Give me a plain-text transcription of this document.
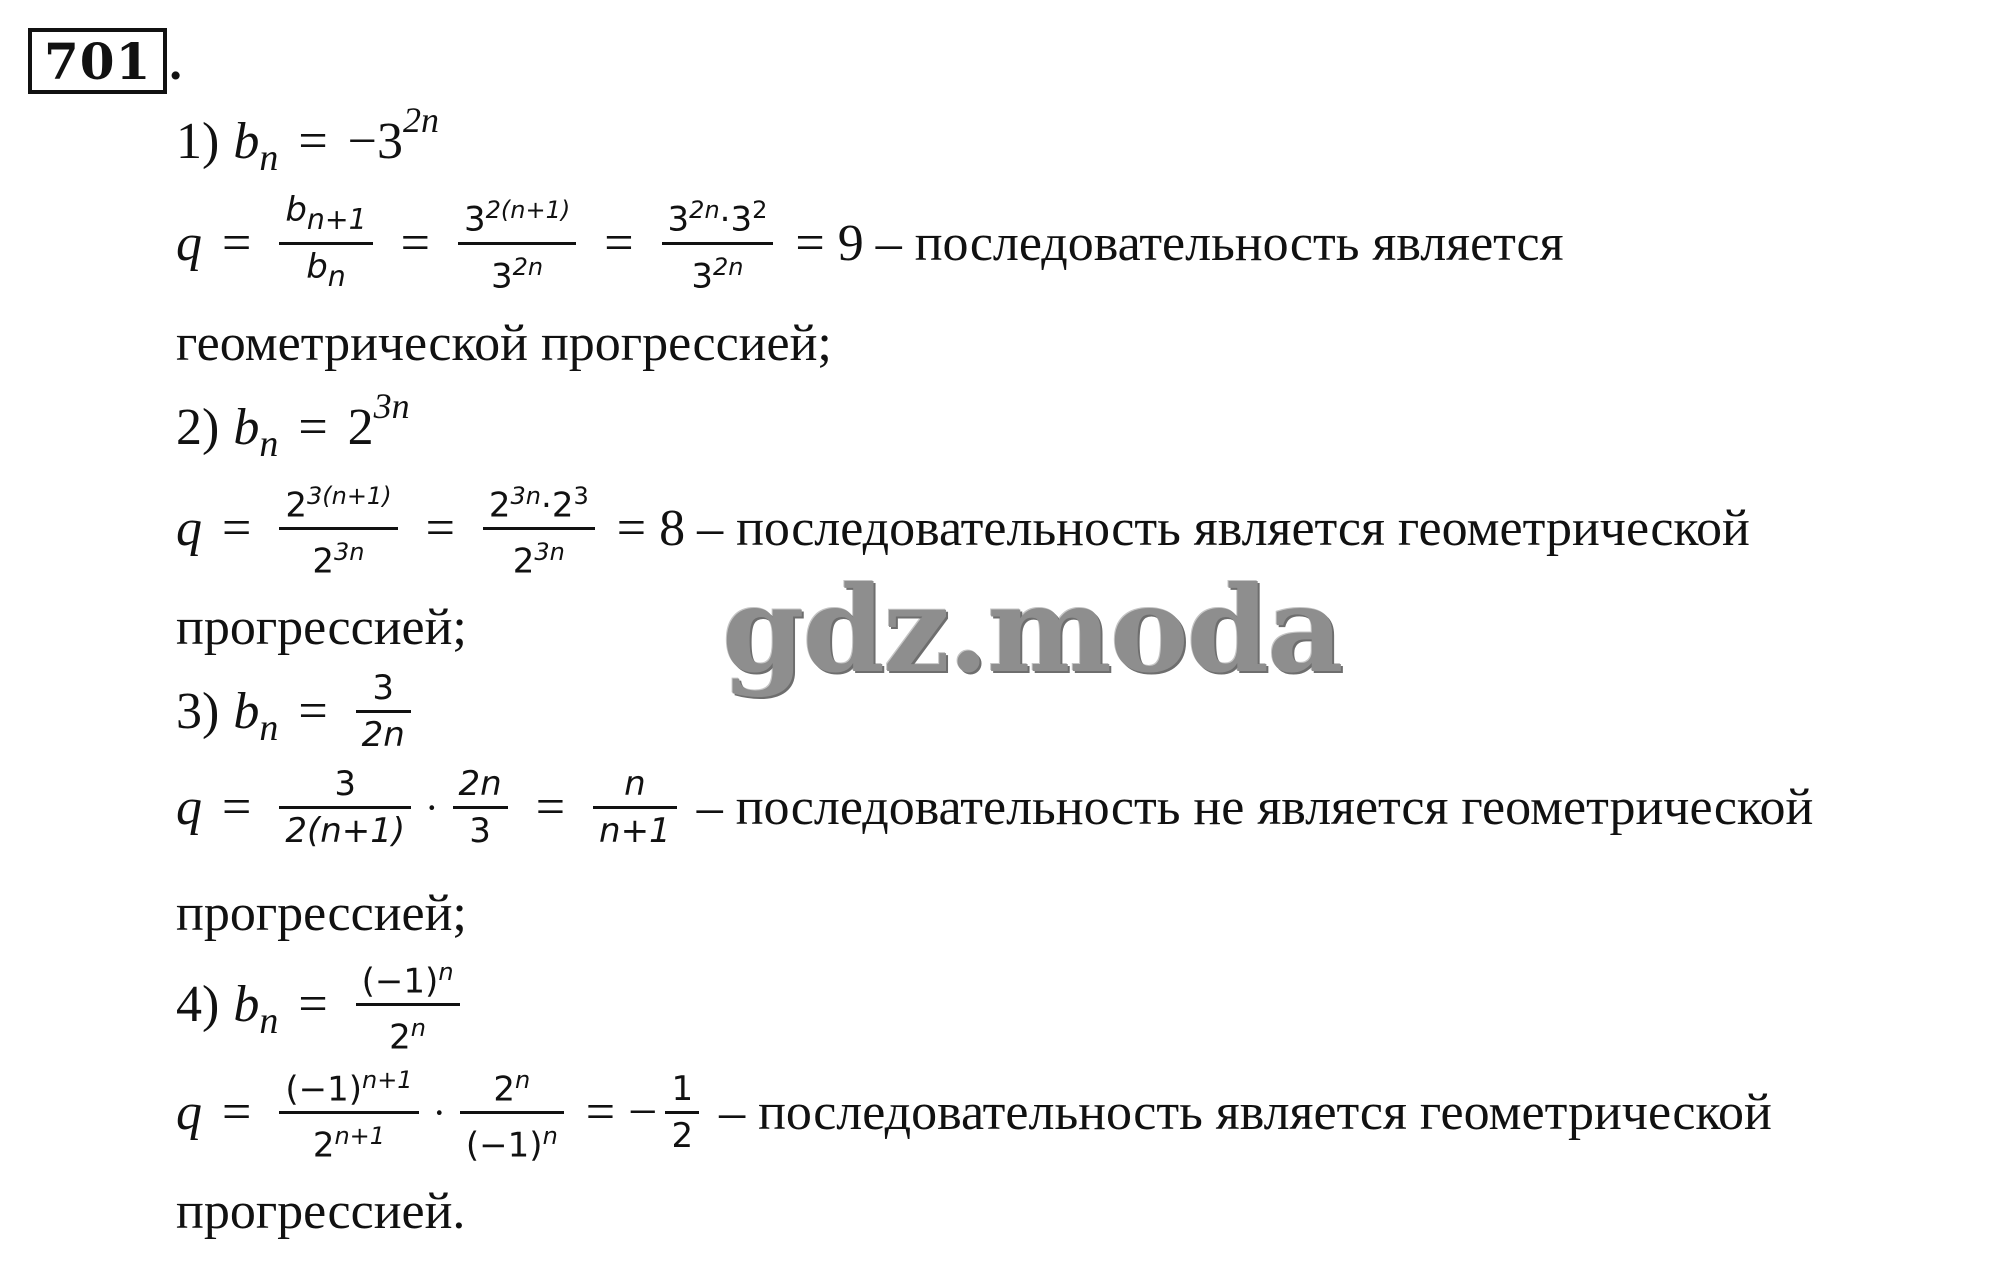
701 .
1) b n = −3 2n
$q = \frac{b_{n+1}}{b_n} = \frac{3^{2(n+1)}}{3^{2n}} = \frac{3^{2n}\cdot 3^2}{3^{2n}} = 9$ – последовательность является
геометрической прогрессией;
2) b n = 2 3n
$q = \frac{2^{3(n+1)}}{2^{3n}} = \frac{2^{3n}\cdot 2^3}{2^{3n}} = 8$ – последовательность является геометрической
прогрессией;
3) b $n = \frac{3}{2n}$
$q = \frac{3}{2(n+1)} \cdot \frac{2n}{3} = \frac{n}{n+1}$ – последовательность не является геометрической
прогрессией;
4) b $n = \frac{(-1)^n}{2^n}$
$q = \frac{(-1)^{n+1}}{2^{n+1}} \cdot \frac{2^n}{(-1)^n}$ = − $\frac{1}{2}$ – последовательность является геометрической
прогрессией.
gdz.moda
